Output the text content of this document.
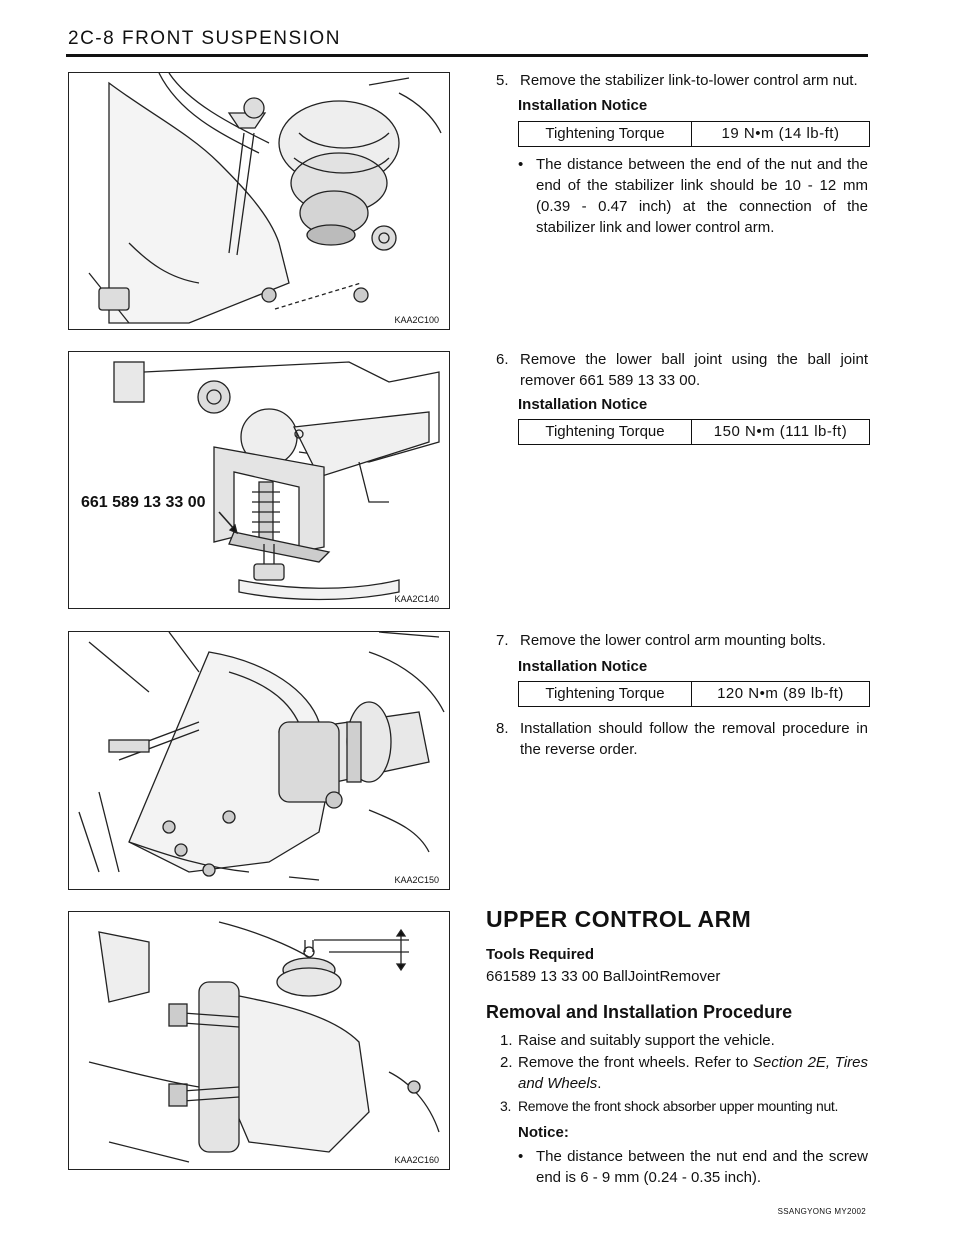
2C-8 FRONT SUSPENSION
KAA2C100
661 589 13 33 00
KAA2C140
KAA2C150
KAA2C160
5. Remove the stabilizer link-to-lower control arm nut.
Installation Notice
Tightening Torque	19 N•m (14 lb-ft)
• The distance between the end of the nut and the end of the stabilizer link should be 10 - 12 mm (0.39 - 0.47 inch) at the connection of the stabilizer link and lower control arm.
6. Remove the lower ball joint using the ball joint remover 661 589 13 33 00.
Installation Notice
Tightening Torque	150 N•m (111 lb-ft)
7. Remove the lower control arm mounting bolts.
Installation Notice
Tightening Torque	120 N•m (89 lb-ft)
8. Installation should follow the removal procedure in the reverse order.
UPPER CONTROL ARM
Tools Required
661589 13 33 00 BallJointRemover
Removal and Installation Procedure
1. Raise and suitably support the vehicle.
2. Remove the front wheels. Refer to Section 2E, Tires and Wheels.
3. Remove the front shock absorber upper mounting nut.
Notice:
• The distance between the nut end and the screw end is 6 - 9 mm (0.24 - 0.35 inch).
SSANGYONG MY2002
